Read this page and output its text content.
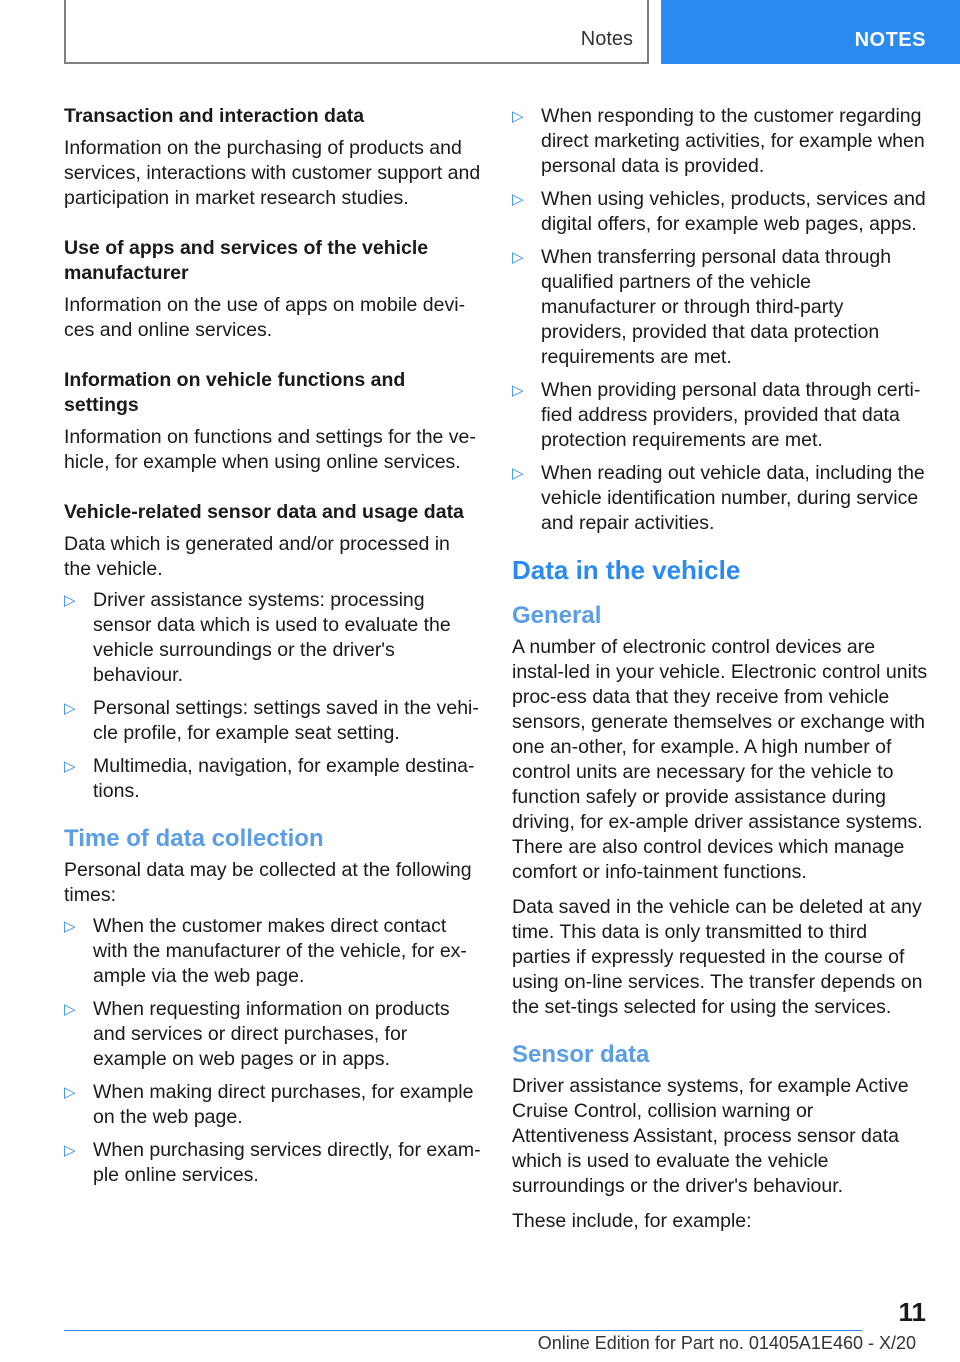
Notes	NOTES
Transaction and interaction data
Information on the purchasing of products and services, interactions with customer support and participation in market research studies.
Use of apps and services of the vehicle manufacturer
Information on the use of apps on mobile devi‐ces and online services.
Information on vehicle functions and settings
Information on functions and settings for the ve‐hicle, for example when using online services.
Vehicle-related sensor data and usage data
Data which is generated and/or processed in the vehicle.
▷ Driver assistance systems: processing sensor data which is used to evaluate the vehicle surroundings or the driver's behaviour.
▷ Personal settings: settings saved in the vehi‐cle profile, for example seat setting.
▷ Multimedia, navigation, for example destina‐tions.
Time of data collection
Personal data may be collected at the following times:
▷ When the customer makes direct contact with the manufacturer of the vehicle, for ex‐ample via the web page.
▷ When requesting information on products and services or direct purchases, for example on web pages or in apps.
▷ When making direct purchases, for example on the web page.
▷ When purchasing services directly, for exam‐ple online services.
▷ When responding to the customer regarding direct marketing activities, for example when personal data is provided.
▷ When using vehicles, products, services and digital offers, for example web pages, apps.
▷ When transferring personal data through qualified partners of the vehicle manufacturer or through third-party providers, provided that data protection requirements are met.
▷ When providing personal data through certi‐fied address providers, provided that data protection requirements are met.
▷ When reading out vehicle data, including the vehicle identification number, during service and repair activities.
Data in the vehicle
General
A number of electronic control devices are instal‐led in your vehicle. Electronic control units proc‐ess data that they receive from vehicle sensors, generate themselves or exchange with one an‐other, for example. A high number of control units are necessary for the vehicle to function safely or provide assistance during driving, for ex‐ample driver assistance systems. There are also control devices which manage comfort or info‐tainment functions.
Data saved in the vehicle can be deleted at any time. This data is only transmitted to third parties if expressly requested in the course of using on‐line services. The transfer depends on the set‐tings selected for using the services.
Sensor data
Driver assistance systems, for example Active Cruise Control, collision warning or Attentiveness Assistant, process sensor data which is used to evaluate the vehicle surroundings or the driver's behaviour.
These include, for example:
11
Online Edition for Part no. 01405A1E460 - X/20
